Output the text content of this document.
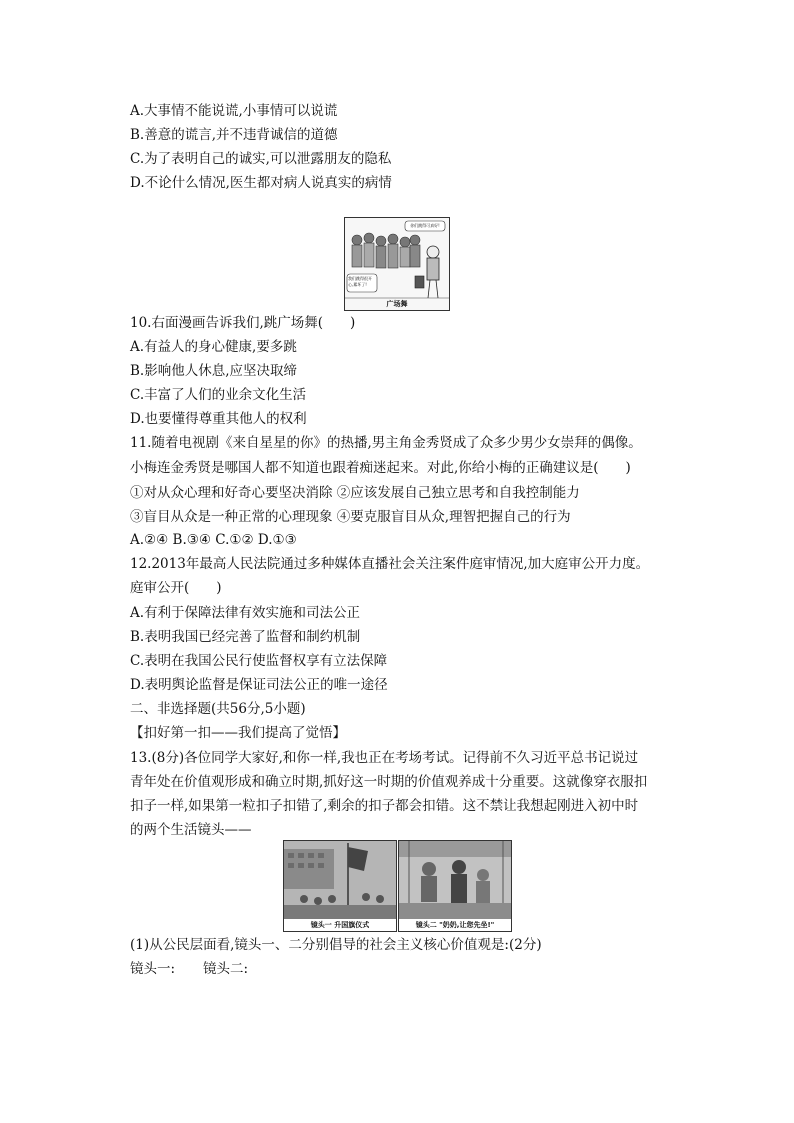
A.大事情不能说谎,小事情可以说谎
B.善意的谎言,并不违背诚信的道德
C.为了表明自己的诚实,可以泄露朋友的隐私
D.不论什么情况,医生都对病人说真实的病情
你们跳得可真好!
我们跳得很开心,累坏了!
广场舞
10.右面漫画告诉我们,跳广场舞(　　)
A.有益人的身心健康,要多跳
B.影响他人休息,应坚决取缔
C.丰富了人们的业余文化生活
D.也要懂得尊重其他人的权利
11.随着电视剧《来自星星的你》的热播,男主角金秀贤成了众多少男少女崇拜的偶像。
小梅连金秀贤是哪国人都不知道也跟着痴迷起来。对此,你给小梅的正确建议是(　　)
①对从众心理和好奇心要坚决消除 ②应该发展自己独立思考和自我控制能力
③盲目从众是一种正常的心理现象 ④要克服盲目从众,理智把握自己的行为
A.②④ B.③④ C.①② D.①③
12.2013年最高人民法院通过多种媒体直播社会关注案件庭审情况,加大庭审公开力度。
庭审公开(　　)
A.有利于保障法律有效实施和司法公正
B.表明我国已经完善了监督和制约机制
C.表明在我国公民行使监督权享有立法保障
D.表明舆论监督是保证司法公正的唯一途径
二、非选择题(共56分,5小题)
【扣好第一扣——我们提高了觉悟】
13.(8分)各位同学大家好,和你一样,我也正在考场考试。记得前不久习近平总书记说过
青年处在价值观形成和确立时期,抓好这一时期的价值观养成十分重要。这就像穿衣服扣
扣子一样,如果第一粒扣子扣错了,剩余的扣子都会扣错。这不禁让我想起刚进入初中时
的两个生活镜头——
镜头一 升国旗仪式	镜头二 "奶奶,让您先坐!"
(1)从公民层面看,镜头一、二分别倡导的社会主义核心价值观是:(2分)
镜头一: 镜头二:
